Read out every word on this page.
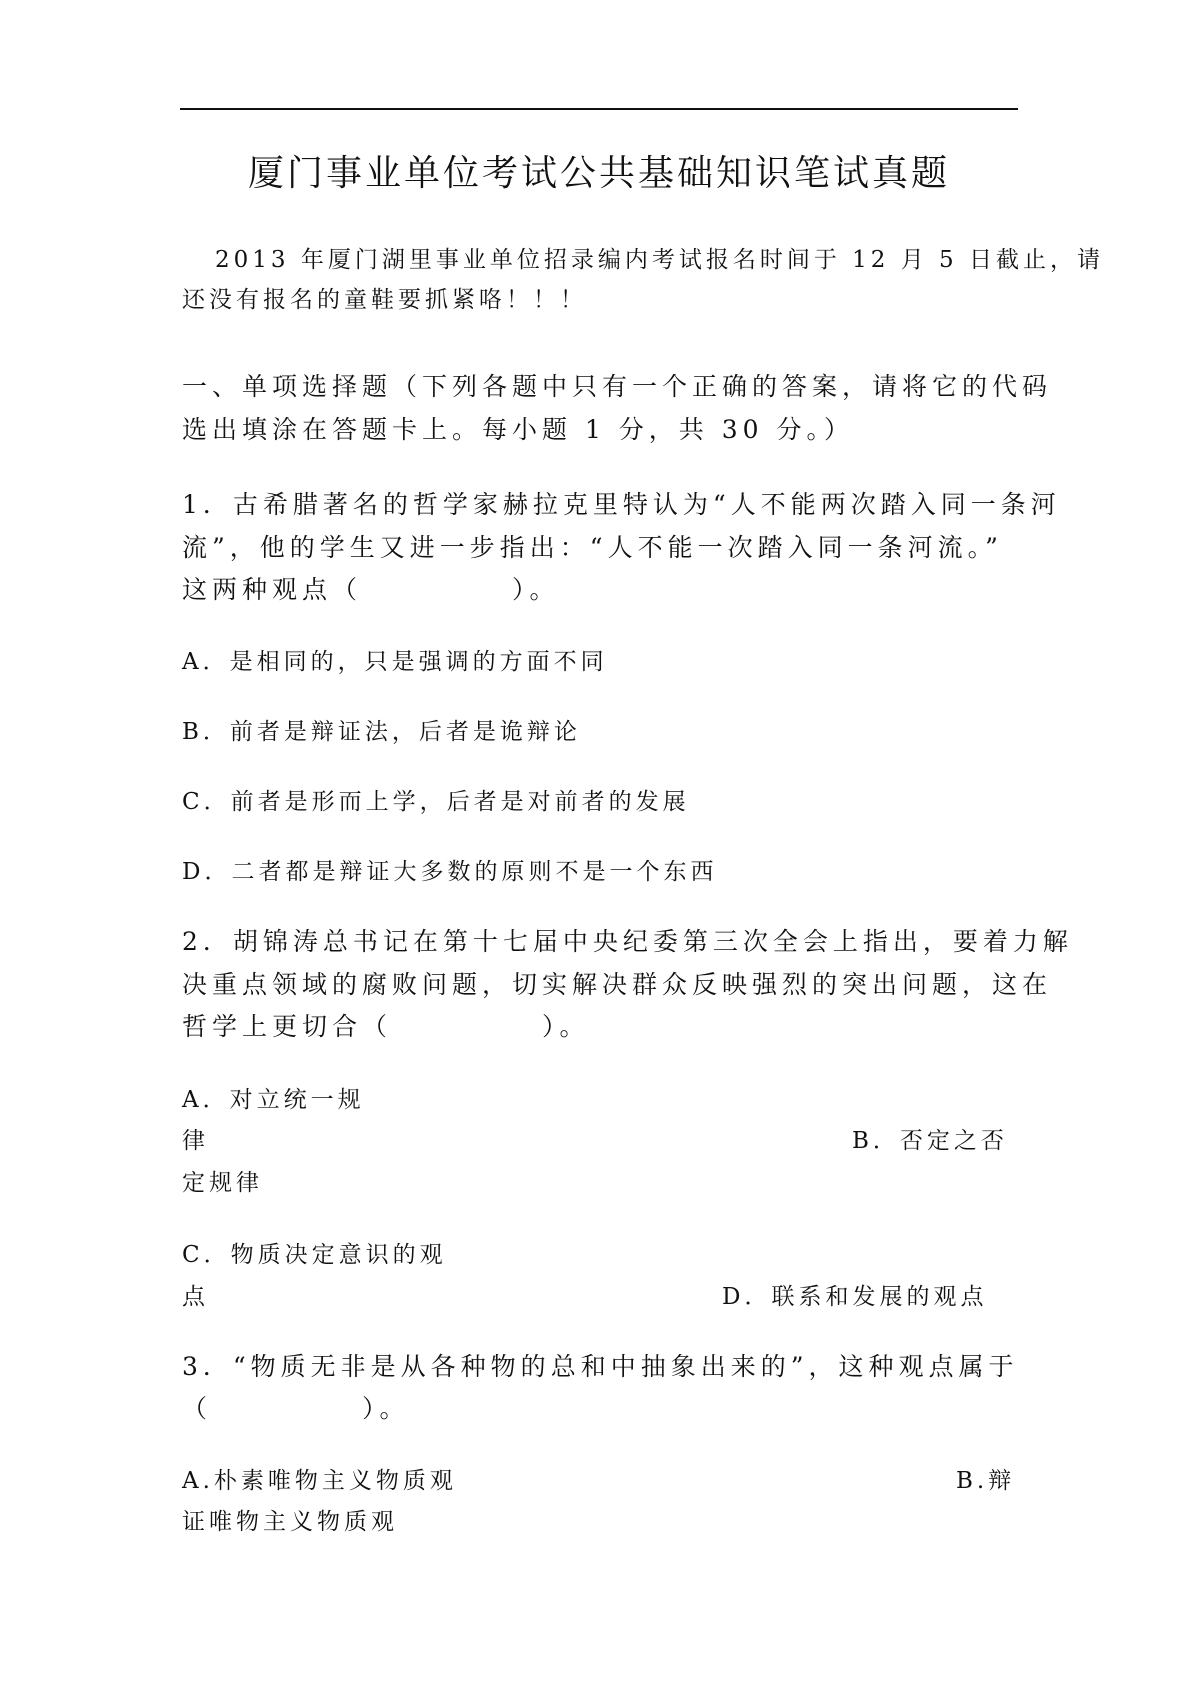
厦门事业单位考试公共基础知识笔试真题
2013 年厦门湖里事业单位招录编内考试报名时间于 12 月 5 日截止，请
还没有报名的童鞋要抓紧咯！！！
一、单项选择题（下列各题中只有一个正确的答案，请将它的代码
选出填涂在答题卡上。每小题 1 分，共 30 分。）
1．古希腊著名的哲学家赫拉克里特认为“人不能两次踏入同一条河
流”，他的学生又进一步指出：“人不能一次踏入同一条河流。”
这两种观点（　　　　　）。
A．是相同的，只是强调的方面不同
B．前者是辩证法，后者是诡辩论
C．前者是形而上学，后者是对前者的发展
D．二者都是辩证大多数的原则不是一个东西
2．胡锦涛总书记在第十七届中央纪委第三次全会上指出，要着力解
决重点领域的腐败问题，切实解决群众反映强烈的突出问题，这在
哲学上更切合（　　　　　）。
A．对立统一规
律	B．否定之否
定规律
C．物质决定意识的观
点	D．联系和发展的观点
3．“物质无非是从各种物的总和中抽象出来的”，这种观点属于
（　　　　　）。
A.朴素唯物主义物质观	B.辩
证唯物主义物质观
